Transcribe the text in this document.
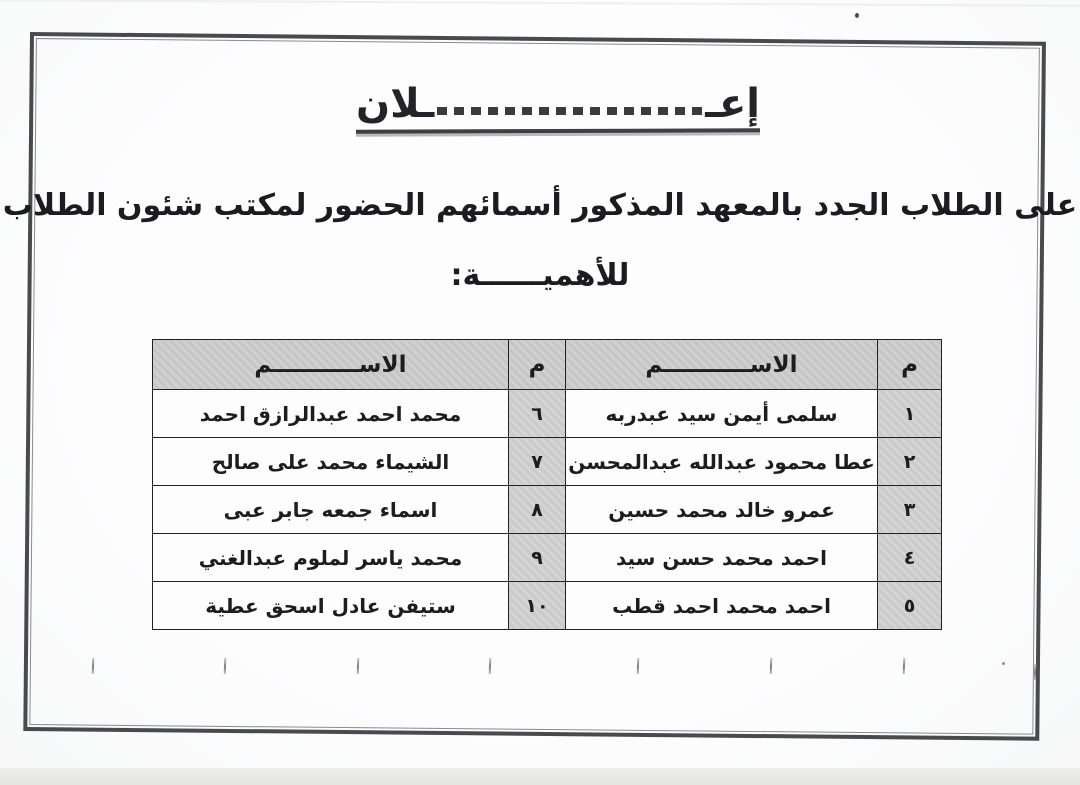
إعـ
ـلان
على الطلاب الجدد بالمعهد المذكور أسمائهم الحضور لمكتب شئون الطلاب
للأهميــــــة:
م	الاســـــــــــم	م	الاســـــــــــم
١	سلمى أيمن سيد عبدربه	٦	محمد احمد عبدالرازق احمد
٢	عطا محمود عبدالله عبدالمحسن	٧	الشيماء محمد على صالح
٣	عمرو خالد محمد حسين	٨	اسماء جمعه جابر عبى
٤	احمد محمد حسن سيد	٩	محمد ياسر لملوم عبدالغني
٥	احمد محمد احمد قطب	١٠	ستيفن عادل اسحق عطية
